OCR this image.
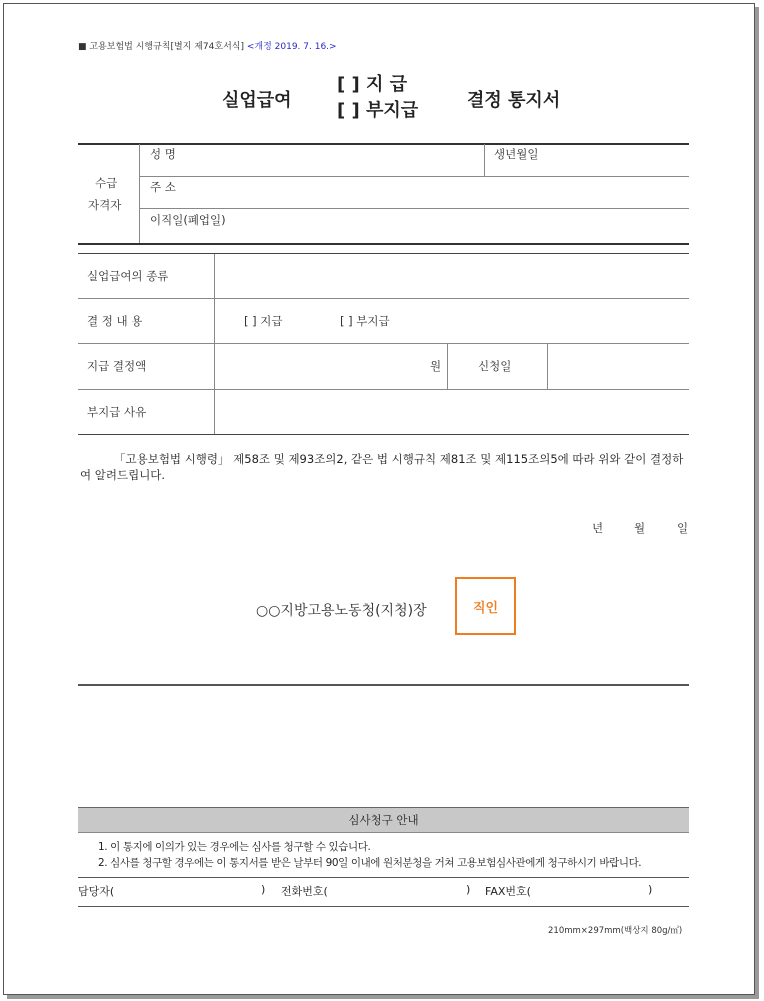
■ 고용보험법 시행규칙[별지 제74호서식] <개정 2019. 7. 16.>
실업급여
[ ] 지 급
[ ] 부지급	결정 통지서
수급
자격자
성 명	생년월일
주 소
이직일(폐업일)
실업급여의 종류
결 정 내 용	[ ] 지급	[ ] 부지급
지급 결정액	원	신청일
부지급 사유
「고용보험법 시행령」 제58조 및 제93조의2, 같은 법 시행규칙 제81조 및 제115조의5에 따라 위와 같이 결정하여 알려드립니다.
년	월	일
○○지방고용노동청(지청)장	직인
심사청구 안내
1. 이 통지에 이의가 있는 경우에는 심사를 청구할 수 있습니다.
2. 심사를 청구할 경우에는 이 통지서를 받은 날부터 90일 이내에 원처분청을 거쳐 고용보험심사관에게 청구하시기 바랍니다.
담당자(	) 전화번호(	) FAX번호(	)
210mm×297mm(백상지 80g/㎡)
